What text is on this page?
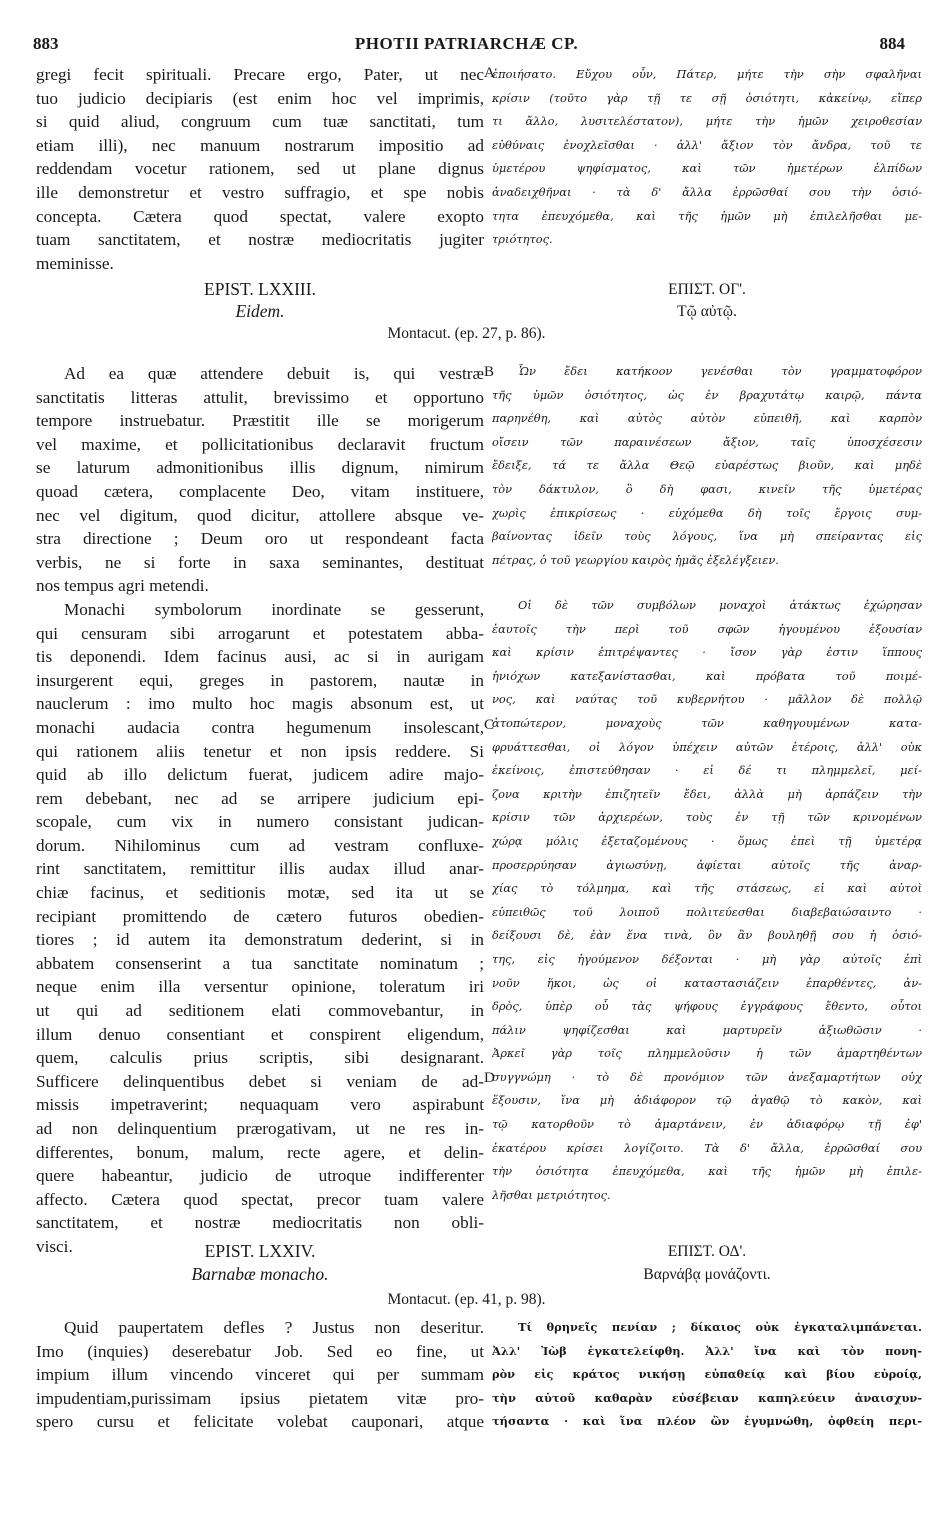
PHOTII PATRIARCHÆ CP.
883	884
gregi fecit spirituali. Precare ergo, Pater, ut nec
tuo judicio decipiaris (est enim hoc vel imprimis,
si quid aliud, congruum cum tuæ sanctitati, tum
etiam illi), nec manuum nostrarum impositio ad
reddendam vocetur rationem, sed ut plane dignus
ille demonstretur et vestro suffragio, et spe nobis
concepta. Cætera quod spectat, valere exopto
tuam sanctitatem, et nostræ mediocritatis jugiter
meminisse.
A
ἐποιήσατο. Εὔχου οὖν, Πάτερ, μήτε τὴν σὴν σφαλῆναι
κρίσιν (τοῦτο γὰρ τῇ τε σῇ ὁσιότητι, κἀκείνῳ, εἴπερ
τι ἄλλο, λυσιτελέστατον), μήτε τὴν ἡμῶν χειροθεσίαν
εὐθύναις ἐνοχλεῖσθαι · ἀλλ' ἄξιον τὸν ἄνδρα, τοῦ τε
ὑμετέρου ψηφίσματος, καὶ τῶν ἡμετέρων ἐλπίδων
ἀναδειχθῆναι · τὰ δ' ἄλλα ἐρρῶσθαί σου τὴν ὁσιό-
τητα ἐπευχόμεθα, καὶ τῆς ἡμῶν μὴ ἐπιλελῆσθαι με-
τριότητος.
EPIST. LXXIII.
Eidem.
ΕΠΙΣΤ. ΟΓ'.
Τῷ αὐτῷ.
Montacut. (ep. 27, p. 86).
Ad ea quæ attendere debuit is, qui vestræ
sanctitatis litteras attulit, brevissimo et opportuno
tempore instruebatur. Præstitit ille se morigerum
vel maxime, et pollicitationibus declaravit fructum
se laturum admonitionibus illis dignum, nimirum
quoad cætera, complacente Deo, vitam instituere,
nec vel digitum, quod dicitur, attollere absque ve-
stra directione ; Deum oro ut respondeant facta
verbis, ne si forte in saxa seminantes, destituat
nos tempus agri metendi.
Monachi symbolorum inordinate se gesserunt,
qui censuram sibi arrogarunt et potestatem abba-
tis deponendi. Idem facinus ausi, ac si in aurigam
insurgerent equi, greges in pastorem, nautæ in
nauclerum : imo multo hoc magis absonum est, ut
monachi audacia contra hegumenum insolescant,
qui rationem aliis tenetur et non ipsis reddere. Si
quid ab illo delictum fuerat, judicem adire majo-
rem debebant, nec ad se arripere judicium epi-
scopale, cum vix in numero consistant judican-
dorum. Nihilominus cum ad vestram confluxe-
rint sanctitatem, remittitur illis audax illud anar-
chiæ facinus, et seditionis motæ, sed ita ut se
recipiant promittendo de cætero futuros obedien-
tiores ; id autem ita demonstratum dederint, si in
abbatem consenserint a tua sanctitate nominatum ;
neque enim illa versentur opinione, toleratum iri
ut qui ad seditionem elati commovebantur, in
illum denuo consentiant et conspirent eligendum,
quem, calculis prius scriptis, sibi designarant.
Sufficere delinquentibus debet si veniam de ad-
missis impetraverint; nequaquam vero aspirabunt
ad non delinquentium prærogativam, ut ne res in-
differentes, bonum, malum, recte agere, et delin-
quere habeantur, judicio de utroque indifferenter
affecto. Cætera quod spectat, precor tuam valere
sanctitatem, et nostræ mediocritatis non obli-
visci.
B
C
D
Ὧν ἔδει κατήκοον γενέσθαι τὸν γραμματοφόρον
τῆς ὑμῶν ὁσιότητος, ὡς ἐν βραχυτάτῳ καιρῷ, πάντα
παρηνέθη, καὶ αὐτὸς αὐτὸν εὐπειθῆ, καὶ καρπὸν
οἴσειν τῶν παραινέσεων ἄξιον, ταῖς ὑποσχέσεσιν
ἔδειξε, τά τε ἄλλα Θεῷ εὐαρέστως βιοῦν, καὶ μηδὲ
τὸν δάκτυλον, ὃ δὴ φασι, κινεῖν τῆς ὑμετέρας
χωρὶς ἐπικρίσεως · εὐχόμεθα δὴ τοῖς ἔργοις συμ-
βαίνοντας ἰδεῖν τοὺς λόγους, ἵνα μὴ σπείραντας εἰς
πέτρας, ὁ τοῦ γεωργίου καιρὸς ἡμᾶς ἐξελέγξειεν.
Οἱ δὲ τῶν συμβόλων μοναχοὶ ἀτάκτως ἐχώρησαν
ἑαυτοῖς τὴν περὶ τοῦ σφῶν ἡγουμένου ἐξουσίαν
καὶ κρίσιν ἐπιτρέψαντες · ἴσον γὰρ ἐστιν ἵππους
ἡνιόχων κατεξανίστασθαι, καὶ πρόβατα τοῦ ποιμέ-
νος, καὶ ναύτας τοῦ κυβερνήτου · μᾶλλον δὲ πολλῷ
ἀτοπώτερον, μοναχοὺς τῶν καθηγουμένων κατα-
φρυάττεσθαι, οἱ λόγον ὑπέχειν αὐτῶν ἑτέροις, ἀλλ' οὐκ
ἐκείνοις, ἐπιστεύθησαν · εἰ δέ τι πλημμελεῖ, μεί-
ζονα κριτὴν ἐπιζητεῖν ἔδει, ἀλλὰ μὴ ἁρπάζειν τὴν
κρίσιν τῶν ἀρχιερέων, τοὺς ἐν τῇ τῶν κρινομένων
χώρᾳ μόλις ἐξεταζομένους · ὅμως ἐπεὶ τῇ ὑμετέρᾳ
προσερρύησαν ἁγιωσύνῃ, ἀφίεται αὐτοῖς τῆς ἀναρ-
χίας τὸ τόλμημα, καὶ τῆς στάσεως, εἰ καὶ αὐτοὶ
εὐπειθῶς τοῦ λοιποῦ πολιτεύεσθαι διαβεβαιώσαιντο ·
δείξουσι δὲ, ἐὰν ἕνα τινὰ, ὃν ἂν βουληθῇ σου ἡ ὁσιό-
της, εἰς ἡγούμενον δέξονται · μὴ γὰρ αὐτοῖς ἐπὶ
νοῦν ἥκοι, ὡς οἱ καταστασιάζειν ἐπαρθέντες, ἀν-
δρὸς, ὑπὲρ οὗ τὰς ψήφους ἐγγράφους ἔθεντο, οὗτοι
πάλιν ψηφίζεσθαι καὶ μαρτυρεῖν ἀξιωθῶσιν ·
Ἀρκεῖ γὰρ τοῖς πλημμελοῦσιν ἡ τῶν ἁμαρτηθέντων
συγγνώμη · τὸ δὲ προνόμιον τῶν ἀνεξαμαρτήτων οὐχ
ἕξουσιν, ἵνα μὴ ἀδιάφορον τῷ ἀγαθῷ τὸ κακὸν, καὶ
τῷ κατορθοῦν τὸ ἁμαρτάνειν, ἐν ἀδιαφόρῳ τῇ ἐφ'
ἑκατέρου κρίσει λογίζοιτο. Τὰ δ' ἄλλα, ἐρρῶσθαί σου
τὴν ὁσιότητα ἐπευχόμεθα, καὶ τῆς ἡμῶν μὴ ἐπιλε-
λῆσθαι μετριότητος.
EPIST. LXXIV.
Barnabæ monacho.
ΕΠΙΣΤ. ΟΔ'.
Βαρνάβᾳ μονάζοντι.
Montacut. (ep. 41, p. 98).
Quid paupertatem defles ? Justus non deseritur.
Imo (inquies) deserebatur Job. Sed eo fine, ut
impium illum vincendo vinceret qui per summam
impudentiam,purissimam ipsius pietatem vitæ pro-
spero cursu et felicitate volebat cauponari, atque
Τί θρηνεῖς πενίαν ; δίκαιος οὐκ ἐγκαταλιμπάνεται.
Ἀλλ' Ἰὼβ ἐγκατελείφθη. Ἀλλ' ἵνα καὶ τὸν πονη-
ρὸν εἰς κράτος νικήσῃ εὐπαθείᾳ καὶ βίου εὐροίᾳ,
τὴν αὐτοῦ καθαρὰν εὐσέβειαν καπηλεύειν ἀναισχυν-
τήσαντα · καὶ ἵνα πλέον ὢν ἐγυμνώθη, ὀφθείη περι-
